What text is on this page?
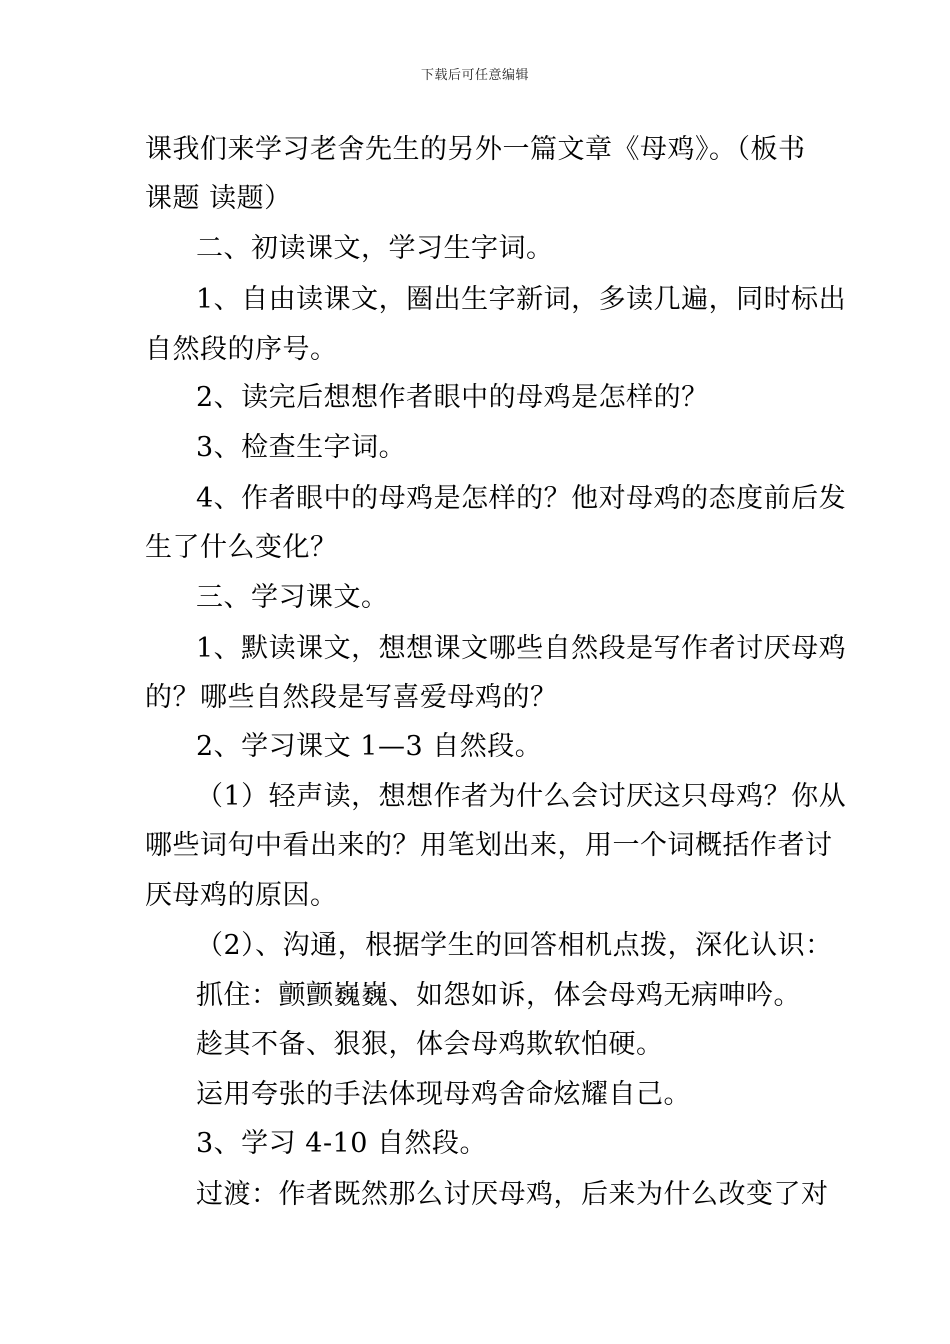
下载后可任意编辑
课我们来学习老舍先生的另外一篇文章《母鸡》。（板书
课题 读题）
二、初读课文，学习生字词。
1、自由读课文，圈出生字新词，多读几遍，同时标出
自然段的序号。
2、读完后想想作者眼中的母鸡是怎样的？
3、检查生字词。
4、作者眼中的母鸡是怎样的？他对母鸡的态度前后发
生了什么变化？
三、学习课文。
1、默读课文，想想课文哪些自然段是写作者讨厌母鸡
的？哪些自然段是写喜爱母鸡的？
2、学习课文 1—3 自然段。
（1）轻声读，想想作者为什么会讨厌这只母鸡？你从
哪些词句中看出来的？用笔划出来，用一个词概括作者讨
厌母鸡的原因。
（2）、沟通，根据学生的回答相机点拨，深化认识：
抓住：颤颤巍巍、如怨如诉，体会母鸡无病呻吟。
趁其不备、狠狠，体会母鸡欺软怕硬。
运用夸张的手法体现母鸡舍命炫耀自己。
3、学习 4-10 自然段。
过渡：作者既然那么讨厌母鸡，后来为什么改变了对
